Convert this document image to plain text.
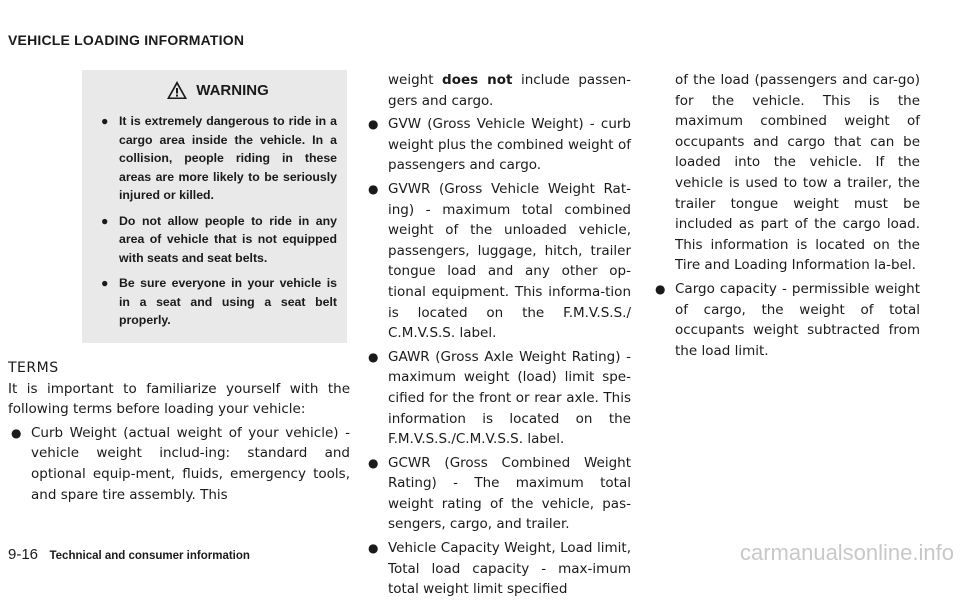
VEHICLE LOADING INFORMATION
WARNING
● It is extremely dangerous to ride in a cargo area inside the vehicle. In a collision, people riding in these areas are more likely to be seriously injured or killed.
● Do not allow people to ride in any area of vehicle that is not equipped with seats and seat belts.
● Be sure everyone in your vehicle is in a seat and using a seat belt properly.

TERMS

It is important to familiarize yourself with the following terms before loading your vehicle:

● Curb Weight (actual weight of your vehicle) - vehicle weight includ-ing: standard and optional equip-ment, fluids, emergency tools, and spare tire assembly. This
weight does not include passen-gers and cargo.
● GVW (Gross Vehicle Weight) - curb weight plus the combined weight of passengers and cargo.
● GVWR (Gross Vehicle Weight Rat-ing) - maximum total combined weight of the unloaded vehicle, passengers, luggage, hitch, trailer tongue load and any other op-tional equipment. This informa-tion is located on the F.M.V.S.S./ C.M.V.S.S. label.
● GAWR (Gross Axle Weight Rating) - maximum weight (load) limit spe-cified for the front or rear axle. This information is located on the F.M.V.S.S./C.M.V.S.S. label.
● GCWR (Gross Combined Weight Rating) - The maximum total weight rating of the vehicle, pas-sengers, cargo, and trailer.
● Vehicle Capacity Weight, Load limit, Total load capacity - max-imum total weight limit specified
of the load (passengers and car-go) for the vehicle. This is the maximum combined weight of occupants and cargo that can be loaded into the vehicle. If the vehicle is used to tow a trailer, the trailer tongue weight must be included as part of the cargo load. This information is located on the Tire and Loading Information la-bel.
● Cargo capacity - permissible weight of cargo, the weight of total occupants weight subtracted from the load limit.
9-16 Technical and consumer information	carmanualsonline.info
